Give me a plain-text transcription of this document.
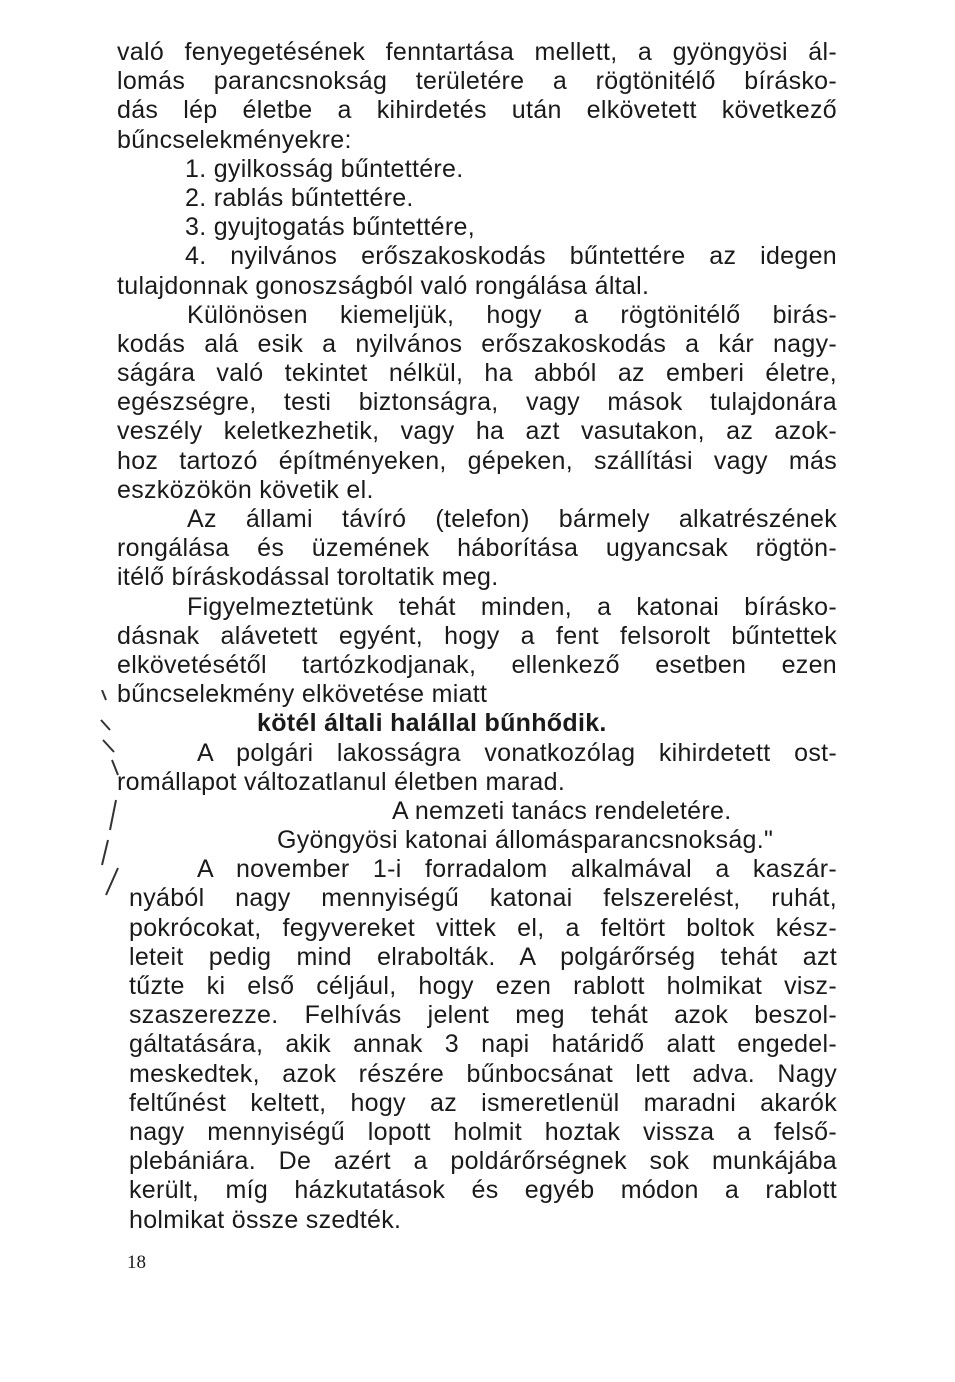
való fenyegetésének fenntartása mellett, a gyöngyösi ál-
lomás parancsnokság területére a rögtönitélő bírásko-
dás lép életbe a kihirdetés után elkövetett következő
bűncselekményekre:
1. gyilkosság bűntettére.
2. rablás bűntettére.
3. gyujtogatás bűntettére,
4. nyilvános erőszakoskodás bűntettére az idegen
tulajdonnak gonoszságból való rongálása által.
Különösen kiemeljük, hogy a rögtönitélő birás-
kodás alá esik a nyilvános erőszakoskodás a kár nagy-
ságára való tekintet nélkül, ha abból az emberi életre,
egészségre, testi biztonságra, vagy mások tulajdonára
veszély keletkezhetik, vagy ha azt vasutakon, az azok-
hoz tartozó építményeken, gépeken, szállítási vagy más
eszközökön követik el.
Az állami távíró (telefon) bármely alkatrészének
rongálása és üzemének háborítása ugyancsak rögtön-
itélő bíráskodással toroltatik meg.
Figyelmeztetünk tehát minden, a katonai bírásko-
dásnak alávetett egyént, hogy a fent felsorolt bűntettek
elkövetésétől tartózkodjanak, ellenkező esetben ezen
bűncselekmény elkövetése miatt
kötél általi halállal bűnhődik.
A polgári lakosságra vonatkozólag kihirdetett ost-
romállapot változatlanul életben marad.
A nemzeti tanács rendeletére.
Gyöngyösi katonai állomásparancsnokság."
A november 1-i forradalom alkalmával a kaszár-
nyából nagy mennyiségű katonai felszerelést, ruhát,
pokrócokat, fegyvereket vittek el, a feltört boltok kész-
leteit pedig mind elrabolták. A polgárőrség tehát azt
tűzte ki első céljául, hogy ezen rablott holmikat visz-
szaszerezze. Felhívás jelent meg tehát azok beszol-
gáltatására, akik annak 3 napi határidő alatt engedel-
meskedtek, azok részére bűnbocsánat lett adva. Nagy
feltűnést keltett, hogy az ismeretlenül maradni akarók
nagy mennyiségű lopott holmit hoztak vissza a felső-
plebániára. De azért a poldárőrségnek sok munkájába
került, míg házkutatások és egyéb módon a rablott
holmikat össze szedték.
18
